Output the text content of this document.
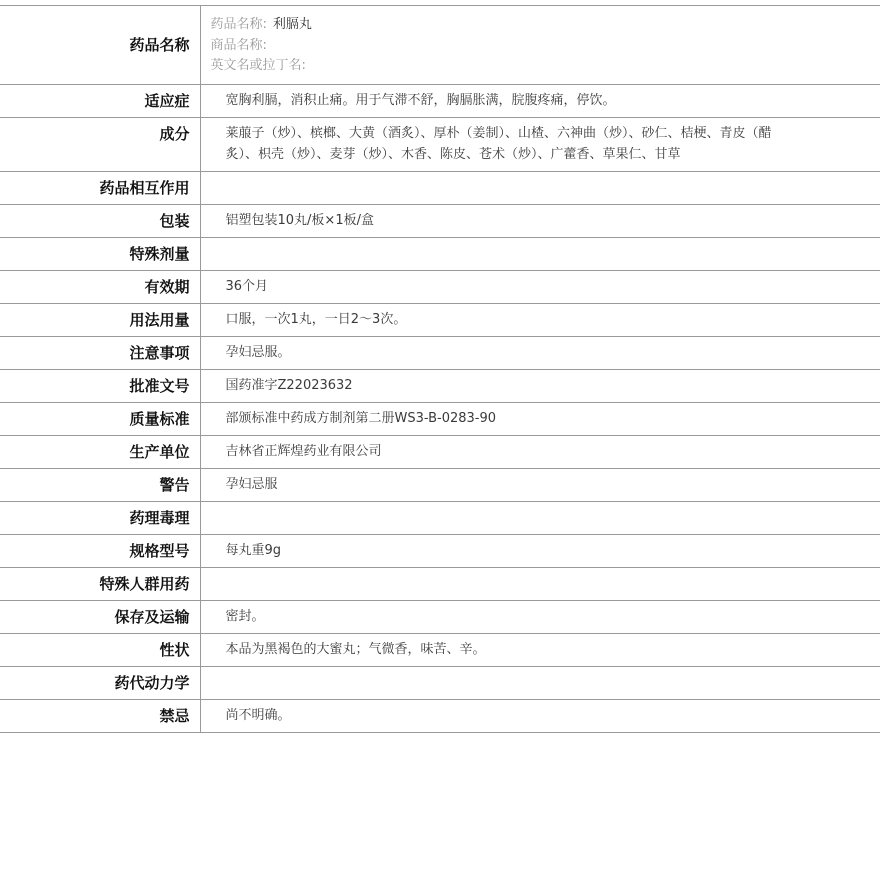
药品名称	药品名称: 利膈丸
商品名称:
英文名或拉丁名:

适应症	宽胸利膈，消积止痛。用于气滞不舒，胸膈胀满，脘腹疼痛，停饮。
成分	莱菔子（炒）、槟榔、大黄（酒炙）、厚朴（姜制）、山楂、六神曲（炒）、砂仁、桔梗、青皮（醋炙）、枳壳（炒）、麦芽（炒）、木香、陈皮、苍术（炒）、广藿香、草果仁、甘草
药品相互作用	
包装	铝塑包装10丸/板×1板/盒
特殊剂量	
有效期	36个月
用法用量	口服，一次1丸，一日2～3次。
注意事项	孕妇忌服。
批准文号	国药准字Z22023632
质量标准	部颁标准中药成方制剂第二册WS3-B-0283-90
生产单位	吉林省正辉煌药业有限公司
警告	孕妇忌服
药理毒理	
规格型号	每丸重9g
特殊人群用药	
保存及运输	密封。
性状	本品为黑褐色的大蜜丸；气微香，味苦、辛。
药代动力学	
禁忌	尚不明确。
